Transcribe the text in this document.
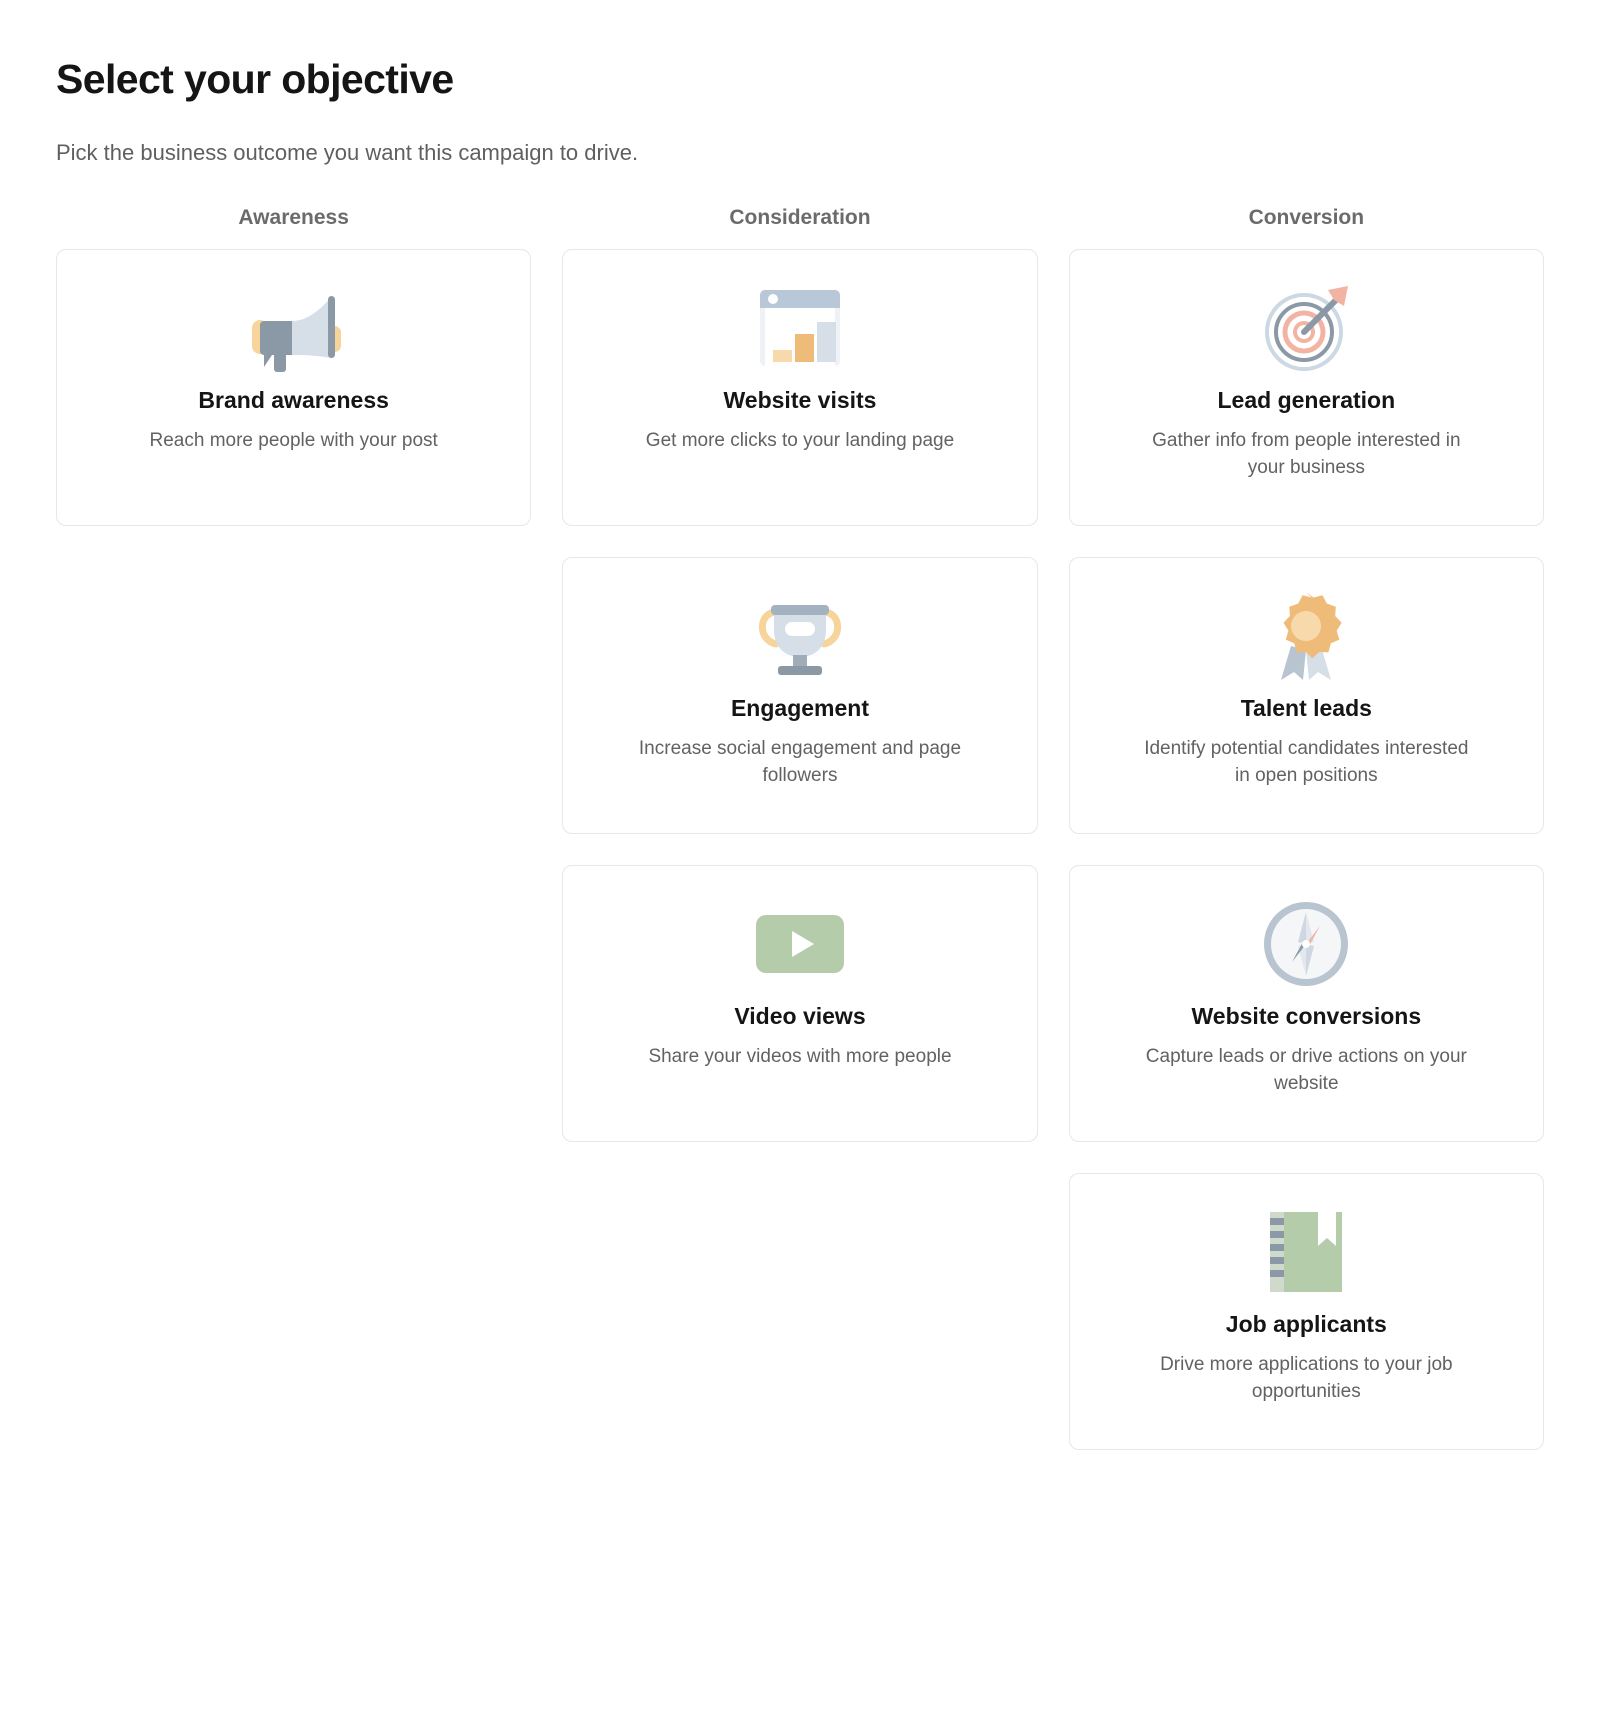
Select your objective

Pick the business outcome you want this campaign to drive.

Awareness
Brand awareness
Reach more people with your post
Consideration
Website visits
Get more clicks to your landing page
Engagement
Increase social engagement and page followers
Video views
Share your videos with more people
Conversion
Lead generation
Gather info from people interested in your business
Talent leads
Identify potential candidates interested in open positions
Website conversions
Capture leads or drive actions on your website
Job applicants
Drive more applications to your job opportunities
